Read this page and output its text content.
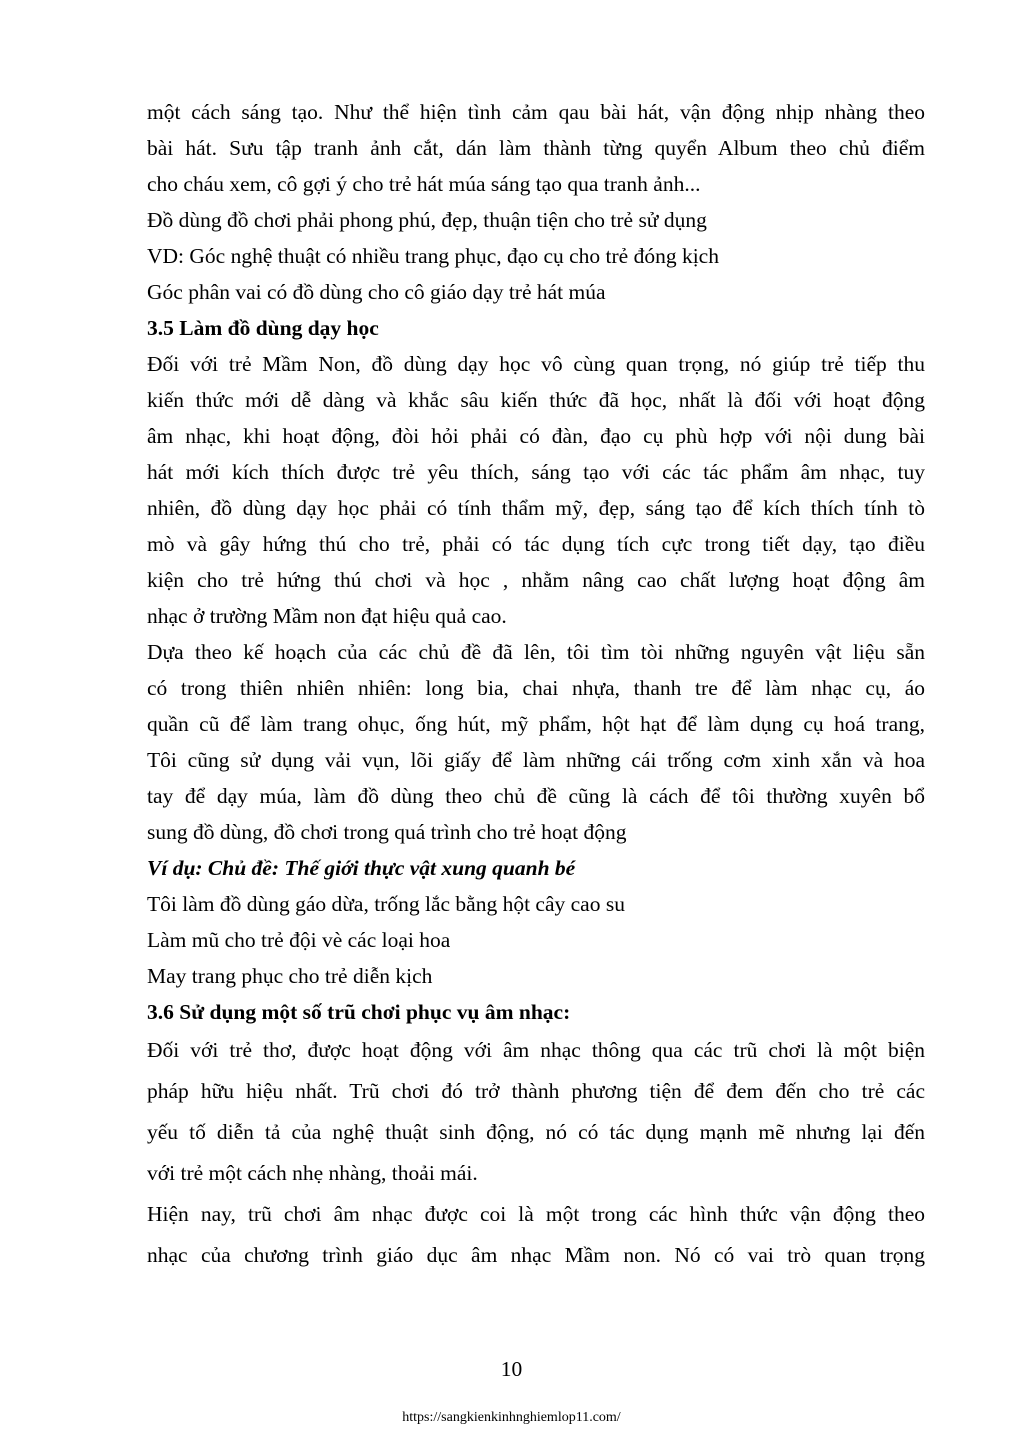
một cách sáng tạo. Như thể hiện tình cảm qau bài hát, vận động nhịp nhàng theo
bài hát. Sưu tập tranh ảnh cắt, dán làm thành từng quyển Album theo chủ điểm
cho cháu xem, cô gợi ý cho trẻ hát múa sáng tạo qua tranh ảnh...
Đồ dùng đồ chơi phải phong phú, đẹp, thuận tiện cho trẻ sử dụng
VD: Góc nghệ thuật có nhiều trang phục, đạo cụ cho trẻ đóng kịch
Góc phân vai có đồ dùng cho cô giáo dạy trẻ hát múa
3.5 Làm đồ dùng dạy học
Đối với trẻ Mầm Non, đồ dùng dạy học vô cùng quan trọng, nó giúp trẻ tiếp thu
kiến thức mới dễ dàng và khắc sâu kiến thức đã học, nhất là đối với hoạt động
âm nhạc, khi hoạt động, đòi hỏi phải có đàn, đạo cụ phù hợp với nội dung bài
hát mới kích thích được trẻ yêu thích, sáng tạo với các tác phẩm âm nhạc, tuy
nhiên, đồ dùng dạy học phải có tính thẩm mỹ, đẹp, sáng tạo để kích thích tính tò
mò và gây hứng thú cho trẻ, phải có tác dụng tích cực trong tiết dạy, tạo điều
kiện cho trẻ hứng thú chơi và học , nhằm nâng cao chất lượng hoạt động âm
nhạc ở trường Mầm non đạt hiệu quả cao.
Dựa theo kế hoạch của các chủ đề đã lên, tôi tìm tòi những nguyên vật liệu sẵn
có trong thiên nhiên nhiên: long bia, chai nhựa, thanh tre để làm nhạc cụ, áo
quần cũ để làm trang ohục, ống hút, mỹ phẩm, hột hạt để làm dụng cụ hoá trang,
Tôi cũng sử dụng vải vụn, lõi giấy để làm những cái trống cơm xinh xắn và hoa
tay để dạy múa, làm đồ dùng theo chủ đề cũng là cách để tôi thường xuyên bổ
sung đồ dùng, đồ chơi trong quá trình cho trẻ hoạt động
Ví dụ: Chủ đề: Thế giới thực vật xung quanh bé
Tôi làm đồ dùng gáo dừa, trống lắc bằng hột cây cao su
Làm mũ cho trẻ đội vè các loại hoa
May trang phục cho trẻ diễn kịch
3.6 Sử dụng một số trũ chơi phục vụ âm nhạc:
Đối với trẻ thơ, được hoạt động với âm nhạc thông qua các trũ chơi là một biện
pháp hữu hiệu nhất. Trũ chơi đó trở thành phương tiện để đem đến cho trẻ các
yếu tố diễn tả của nghệ thuật sinh động, nó có tác dụng mạnh mẽ nhưng lại đến
với trẻ một cách nhẹ nhàng, thoải mái.
Hiện nay, trũ chơi âm nhạc được coi là một trong các hình thức vận động theo
nhạc của chương trình giáo dục âm nhạc Mầm non. Nó có vai trò quan trọng
10
https://sangkienkinhnghiemlop11.com/
